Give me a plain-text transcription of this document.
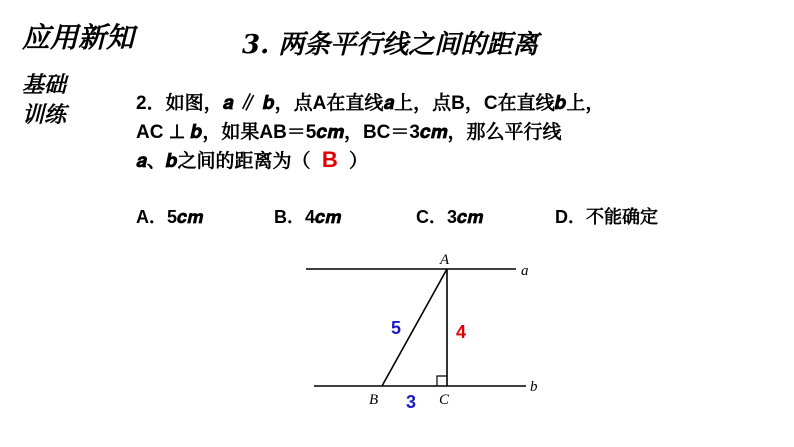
应用新知	3. 两条平行线之间的距离
基础
训练	2．如图，𝒂 ∥ 𝒃，点A在直线𝒂上，点B，C在直线𝒃上，
AC ⊥ 𝒃，如果AB＝5𝒄𝒎，BC＝3𝒄𝒎，那么平行线
𝒂、𝒃之间的距离为（ B ）
A．5𝒄𝒎	B．4𝒄𝒎	C．3𝒄𝒎	D．不能确定
A
a
B	C
b
5	4
3
